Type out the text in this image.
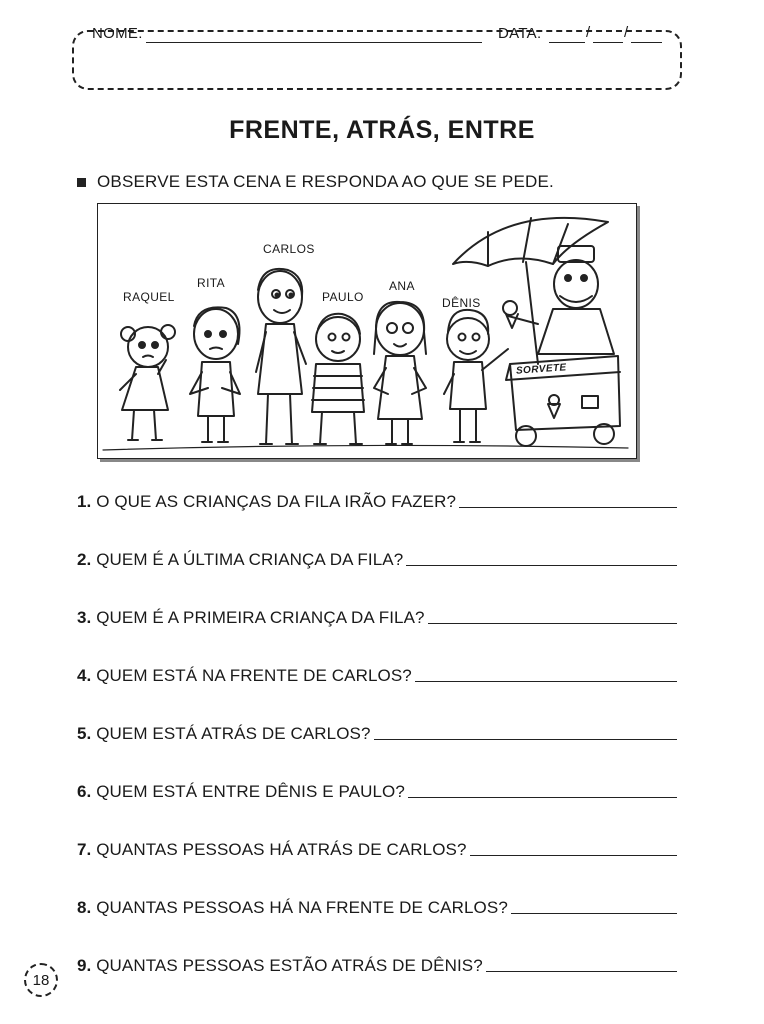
NOME:	DATA:	/ /
FRENTE, ATRÁS, ENTRE
OBSERVE ESTA CENA E RESPONDA AO QUE SE PEDE.
RAQUEL
RITA
CARLOS
PAULO
ANA
DÊNIS
SORVETE
1. O QUE AS CRIANÇAS DA FILA IRÃO FAZER?
2. QUEM É A ÚLTIMA CRIANÇA DA FILA?
3. QUEM É A PRIMEIRA CRIANÇA DA FILA?
4. QUEM ESTÁ NA FRENTE DE CARLOS?
5. QUEM ESTÁ ATRÁS DE CARLOS?
6. QUEM ESTÁ ENTRE DÊNIS E PAULO?
7. QUANTAS PESSOAS HÁ ATRÁS DE CARLOS?
8. QUANTAS PESSOAS HÁ NA FRENTE DE CARLOS?
9. QUANTAS PESSOAS ESTÃO ATRÁS DE DÊNIS?
18
